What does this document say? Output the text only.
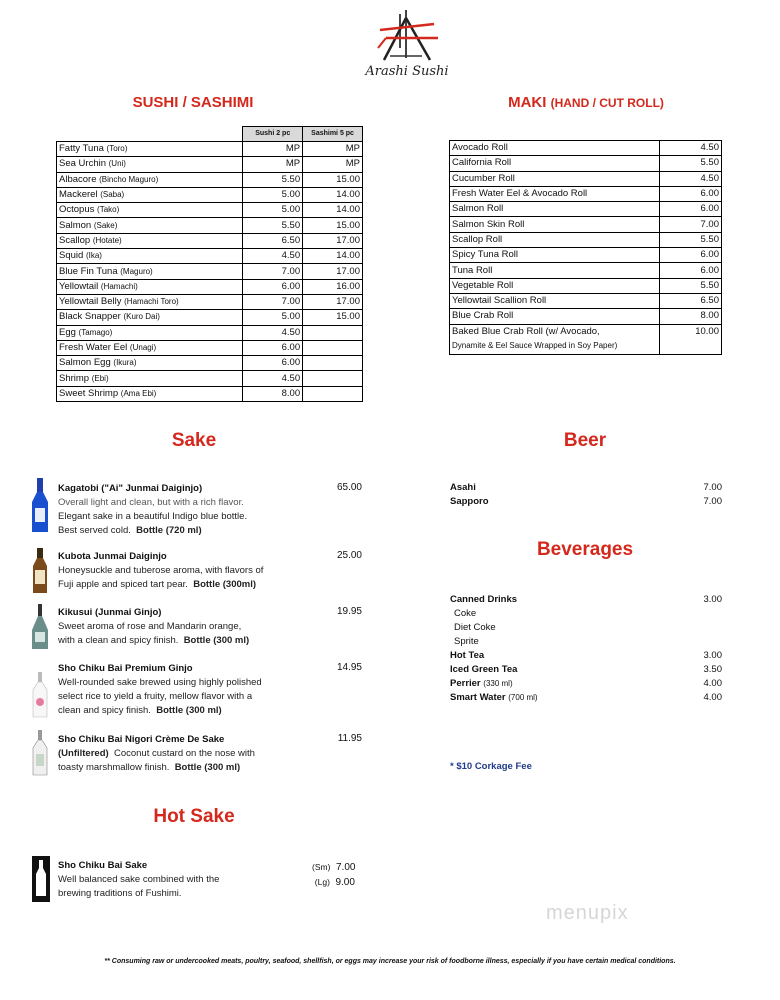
Arashi Sushi
SUSHI / SASHIMI
	Sushi 2 pc	Sashimi 5 pc
Fatty Tuna (Toro)	MP	MP
Sea Urchin (Uni)	MP	MP
Albacore (Bincho Maguro)	5.50	15.00
Mackerel (Saba)	5.00	14.00
Octopus (Tako)	5.00	14.00
Salmon (Sake)	5.50	15.00
Scallop (Hotate)	6.50	17.00
Squid (Ika)	4.50	14.00
Blue Fin Tuna (Maguro)	7.00	17.00
Yellowtail (Hamachi)	6.00	16.00
Yellowtail Belly (Hamachi Toro)	7.00	17.00
Black Snapper (Kuro Dai)	5.00	15.00
Egg (Tamago)	4.50	
Fresh Water Eel (Unagi)	6.00	
Salmon Egg (Ikura)	6.00	
Shrimp (Ebi)	4.50	
Sweet Shrimp (Ama Ebi)	8.00	
MAKI (HAND / CUT ROLL)
Avocado Roll	4.50
California Roll	5.50
Cucumber Roll	4.50
Fresh Water Eel & Avocado Roll	6.00
Salmon Roll	6.00
Salmon Skin Roll	7.00
Scallop Roll	5.50
Spicy Tuna Roll	6.00
Tuna Roll	6.00
Vegetable Roll	5.50
Yellowtail Scallion Roll	6.50
Blue Crab Roll	8.00

Baked Blue Crab Roll (w/ Avocado,
Dynamite & Eel Sauce Wrapped in Soy Paper)	10.00
Sake
Kagatobi ("Ai" Junmai Daiginjo)
Overall light and clean, but with a rich flavor.
Elegant sake in a beautiful Indigo blue bottle.
Best served cold. Bottle (720 ml)
65.00
Kubota Junmai Daiginjo
Honeysuckle and tuberose aroma, with flavors of
Fuji apple and spiced tart pear. Bottle (300ml)
25.00
Kikusui (Junmai Ginjo)
Sweet aroma of rose and Mandarin orange,
with a clean and spicy finish. Bottle (300 ml)
19.95
Sho Chiku Bai Premium Ginjo
Well-rounded sake brewed using highly polished
select rice to yield a fruity, mellow flavor with a
clean and spicy finish. Bottle (300 ml)
14.95
Sho Chiku Bai Nigori Crème De Sake
(Unfiltered) Coconut custard on the nose with
toasty marshmallow finish. Bottle (300 ml)
11.95
Hot Sake
Sho Chiku Bai Sake
Well balanced sake combined with the
brewing traditions of Fushimi.
(Sm) 7.00
(Lg) 9.00
Beer
Asahi	7.00
Sapporo	7.00
Beverages
Canned Drinks	3.00
Coke
Diet Coke
Sprite
Hot Tea	3.00
Iced Green Tea	3.50
Perrier (330 ml)	4.00
Smart Water (700 ml)	4.00
* $10 Corkage Fee
menupix
** Consuming raw or undercooked meats, poultry, seafood, shellfish, or eggs may increase your risk of foodborne illness, especially if you have certain medical conditions.
